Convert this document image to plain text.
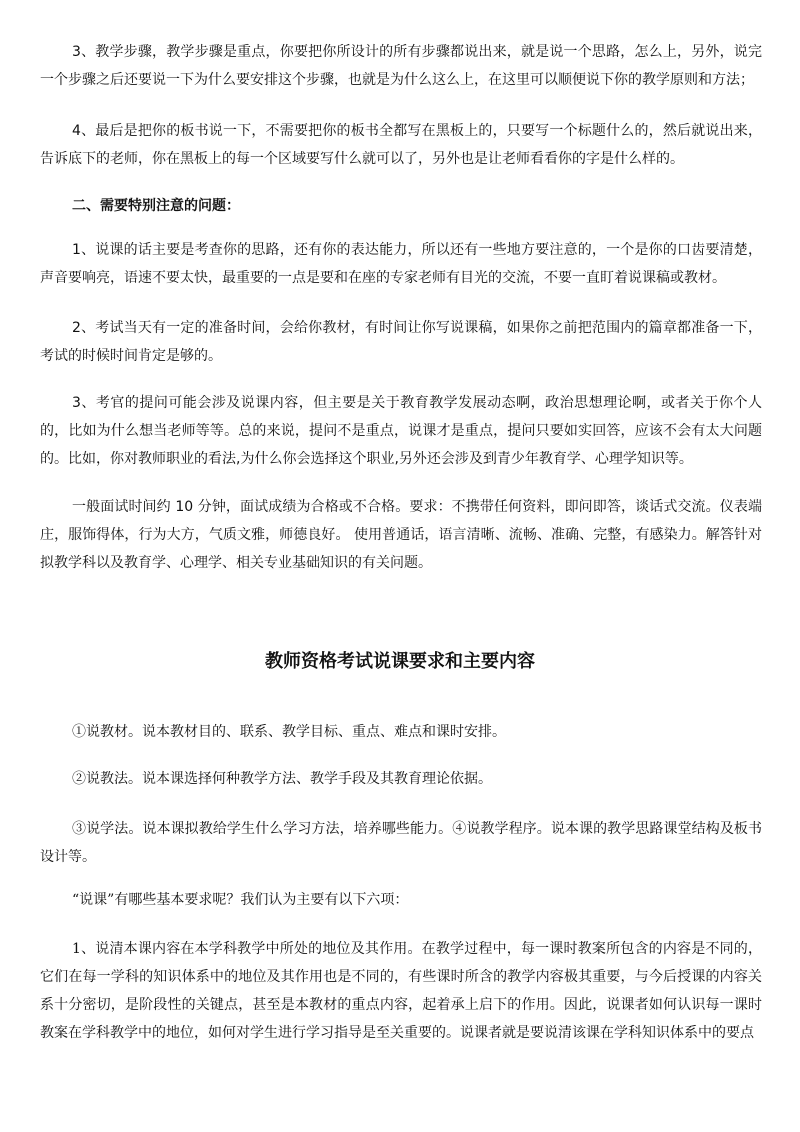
3、教学步骤，教学步骤是重点，你要把你所设计的所有步骤都说出来，就是说一个思路，怎么上，另外，说完一个步骤之后还要说一下为什么要安排这个步骤，也就是为什么这么上，在这里可以顺便说下你的教学原则和方法；

4、最后是把你的板书说一下，不需要把你的板书全都写在黑板上的，只要写一个标题什么的，然后就说出来，告诉底下的老师，你在黑板上的每一个区域要写什么就可以了，另外也是让老师看看你的字是什么样的。

二、需要特别注意的问题：

1、说课的话主要是考查你的思路，还有你的表达能力，所以还有一些地方要注意的，一个是你的口齿要清楚，声音要响亮，语速不要太快，最重要的一点是要和在座的专家老师有目光的交流，不要一直盯着说课稿或教材。

2、考试当天有一定的准备时间，会给你教材，有时间让你写说课稿，如果你之前把范围内的篇章都准备一下，考试的时候时间肯定是够的。

3、考官的提问可能会涉及说课内容，但主要是关于教育教学发展动态啊，政治思想理论啊，或者关于你个人的，比如为什么想当老师等等。总的来说，提问不是重点，说课才是重点，提问只要如实回答，应该不会有太大问题的。比如，你对教师职业的看法,为什么你会选择这个职业,另外还会涉及到青少年教育学、心理学知识等。

一般面试时间约 10 分钟，面试成绩为合格或不合格。要求：不携带任何资料，即问即答，谈话式交流。仪表端庄，服饰得体，行为大方，气质文雅，师德良好。 使用普通话，语言清晰、流畅、准确、完整，有感染力。解答针对拟教学科以及教育学、心理学、相关专业基础知识的有关问题。

教师资格考试说课要求和主要内容

①说教材。说本教材目的、联系、教学目标、重点、难点和课时安排。

②说教法。说本课选择何种教学方法、教学手段及其教育理论依据。

③说学法。说本课拟教给学生什么学习方法，培养哪些能力。④说教学程序。说本课的教学思路课堂结构及板书设计等。

“说课”有哪些基本要求呢？我们认为主要有以下六项：

1、说清本课内容在本学科教学中所处的地位及其作用。在教学过程中，每一课时教案所包含的内容是不同的，它们在每一学科的知识体系中的地位及其作用也是不同的，有些课时所含的教学内容极其重要，与今后授课的内容关系十分密切，是阶段性的关键点，甚至是本教材的重点内容，起着承上启下的作用。因此，说课者如何认识每一课时教案在学科教学中的地位，如何对学生进行学习指导是至关重要的。说课者就是要说清该课在学科知识体系中的要点
